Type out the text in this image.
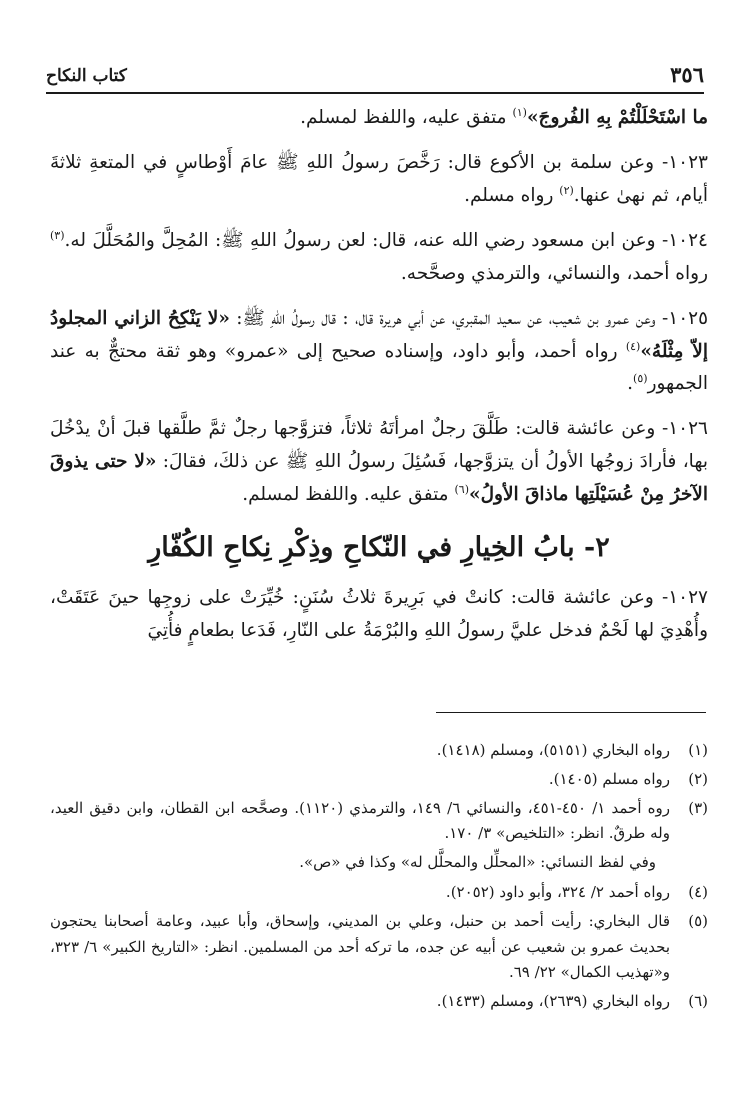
٣٥٦
كتاب النكاح

ما اسْتَحْلَلْتُمْ بِهِ الفُروجَ»$^{(١)}$ متفق عليه، واللفظ لمسلم.

١٠٢٣- وعن سلمة بن الأكوع قال: رَخَّصَ رسولُ اللهِ ﷺ عامَ أَوْطاسٍ في المتعةِ ثلاثةَ أيام، ثم نهىٰ عنها.$^{(٢)}$ رواه مسلم.

١٠٢٤- وعن ابن مسعود رضي الله عنه، قال: لعن رسولُ اللهِ ﷺ: المُحِلَّ والمُحَلَّلَ له.$^{(٣)}$ رواه أحمد، والنسائي، والترمذي وصحَّحه.

١٠٢٥- وعن عمرو بن شعيب، عن سعيد المقبري، عن أبي هريرة قال، : قال رسولُ اللهِ ﷺ: «لا يَنْكِحُ الزاني المجلودُ إلاّ مِثْلَهُ»$^{(٤)}$ رواه أحمد، وأبو داود، وإسناده صحيح إلى «عمرو» وهو ثقة محتجٌّ به عند الجمهور$^{(٥)}$.

١٠٢٦- وعن عائشة قالت: طَلَّقَ رجلٌ امرأتَهُ ثلاثاً، فتزوَّجها رجلٌ ثمَّ طلَّقها قبلَ أنْ يدْخُلَ بها، فأرادَ زوجُها الأولُ أن يتزوَّجها، فَسُئِلَ رسولُ اللهِ ﷺ عن ذلكَ، فقالَ: «لا حتى يذوقَ الآخرُ مِنْ عُسَيْلَتِها ماذاقَ الأولُ»$^{(٦)}$ متفق عليه. واللفظ لمسلم.

٢- بابُ الخِيارِ في النّكاحِ وذِكْرِ نِكاحِ الكُفّارِ

١٠٢٧- وعن عائشة قالت: كانتْ في بَرِيرةَ ثلاثُ سُنَنٍ: خُيِّرَتْ على زوجِها حينَ عَتَقَتْ، وأُهْدِيَ لها لَحْمٌ فدخل عليَّ رسولُ اللهِ والبُرْمَةُ على النّارِ، فَدَعا بطعامٍ فأُتِيَ

(١)
رواه البخاري (٥١٥١)، ومسلم (١٤١٨).
(٢)
رواه مسلم (١٤٠٥).
(٣)
روه أحمد ١/ ٤٥٠-٤٥١، والنسائي ٦/ ١٤٩، والترمذي (١١٢٠). وصحَّحه ابن القطان، وابن دقيق العيد، وله طرقٌ. انظر: «التلخيص» ٣/ ١٧٠.
وفي لفظ النسائي: «المحلِّل والمحلَّل له» وكذا في «ص».
(٤)
رواه أحمد ٢/ ٣٢٤، وأبو داود (٢٠٥٢).
(٥)
قال البخاري: رأيت أحمد بن حنبل، وعلي بن المديني، وإسحاق، وأبا عبيد، وعامة أصحابنا يحتجون بحديث عمرو بن شعيب عن أبيه عن جده، ما تركه أحد من المسلمين. انظر: «التاريخ الكبير» ٦/ ٣٢٣، و«تهذيب الكمال» ٢٢/ ٦٩.
(٦)
رواه البخاري (٢٦٣٩)، ومسلم (١٤٣٣).
